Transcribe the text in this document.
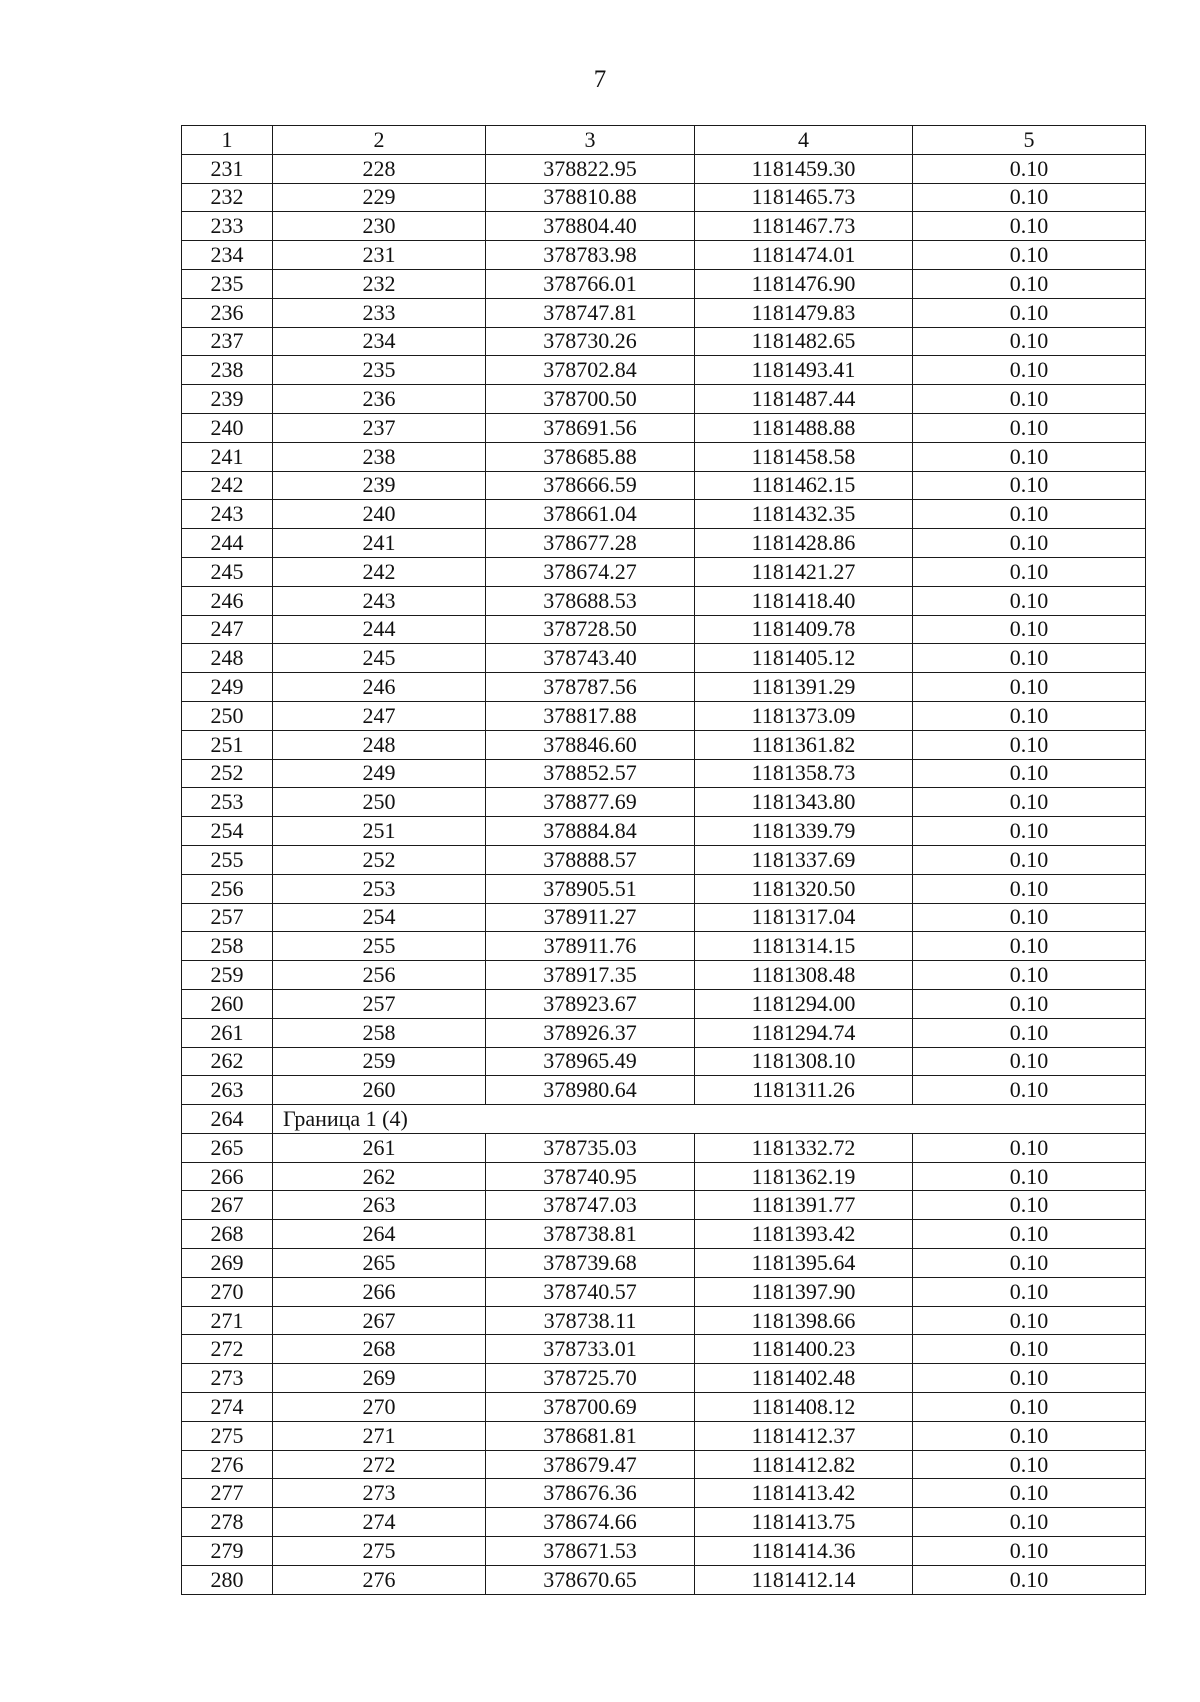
7
1	2	3	4	5
231	228	378822.95	1181459.30	0.10
232	229	378810.88	1181465.73	0.10
233	230	378804.40	1181467.73	0.10
234	231	378783.98	1181474.01	0.10
235	232	378766.01	1181476.90	0.10
236	233	378747.81	1181479.83	0.10
237	234	378730.26	1181482.65	0.10
238	235	378702.84	1181493.41	0.10
239	236	378700.50	1181487.44	0.10
240	237	378691.56	1181488.88	0.10
241	238	378685.88	1181458.58	0.10
242	239	378666.59	1181462.15	0.10
243	240	378661.04	1181432.35	0.10
244	241	378677.28	1181428.86	0.10
245	242	378674.27	1181421.27	0.10
246	243	378688.53	1181418.40	0.10
247	244	378728.50	1181409.78	0.10
248	245	378743.40	1181405.12	0.10
249	246	378787.56	1181391.29	0.10
250	247	378817.88	1181373.09	0.10
251	248	378846.60	1181361.82	0.10
252	249	378852.57	1181358.73	0.10
253	250	378877.69	1181343.80	0.10
254	251	378884.84	1181339.79	0.10
255	252	378888.57	1181337.69	0.10
256	253	378905.51	1181320.50	0.10
257	254	378911.27	1181317.04	0.10
258	255	378911.76	1181314.15	0.10
259	256	378917.35	1181308.48	0.10
260	257	378923.67	1181294.00	0.10
261	258	378926.37	1181294.74	0.10
262	259	378965.49	1181308.10	0.10
263	260	378980.64	1181311.26	0.10
264	Граница 1 (4)			
265	261	378735.03	1181332.72	0.10
266	262	378740.95	1181362.19	0.10
267	263	378747.03	1181391.77	0.10
268	264	378738.81	1181393.42	0.10
269	265	378739.68	1181395.64	0.10
270	266	378740.57	1181397.90	0.10
271	267	378738.11	1181398.66	0.10
272	268	378733.01	1181400.23	0.10
273	269	378725.70	1181402.48	0.10
274	270	378700.69	1181408.12	0.10
275	271	378681.81	1181412.37	0.10
276	272	378679.47	1181412.82	0.10
277	273	378676.36	1181413.42	0.10
278	274	378674.66	1181413.75	0.10
279	275	378671.53	1181414.36	0.10
280	276	378670.65	1181412.14	0.10
